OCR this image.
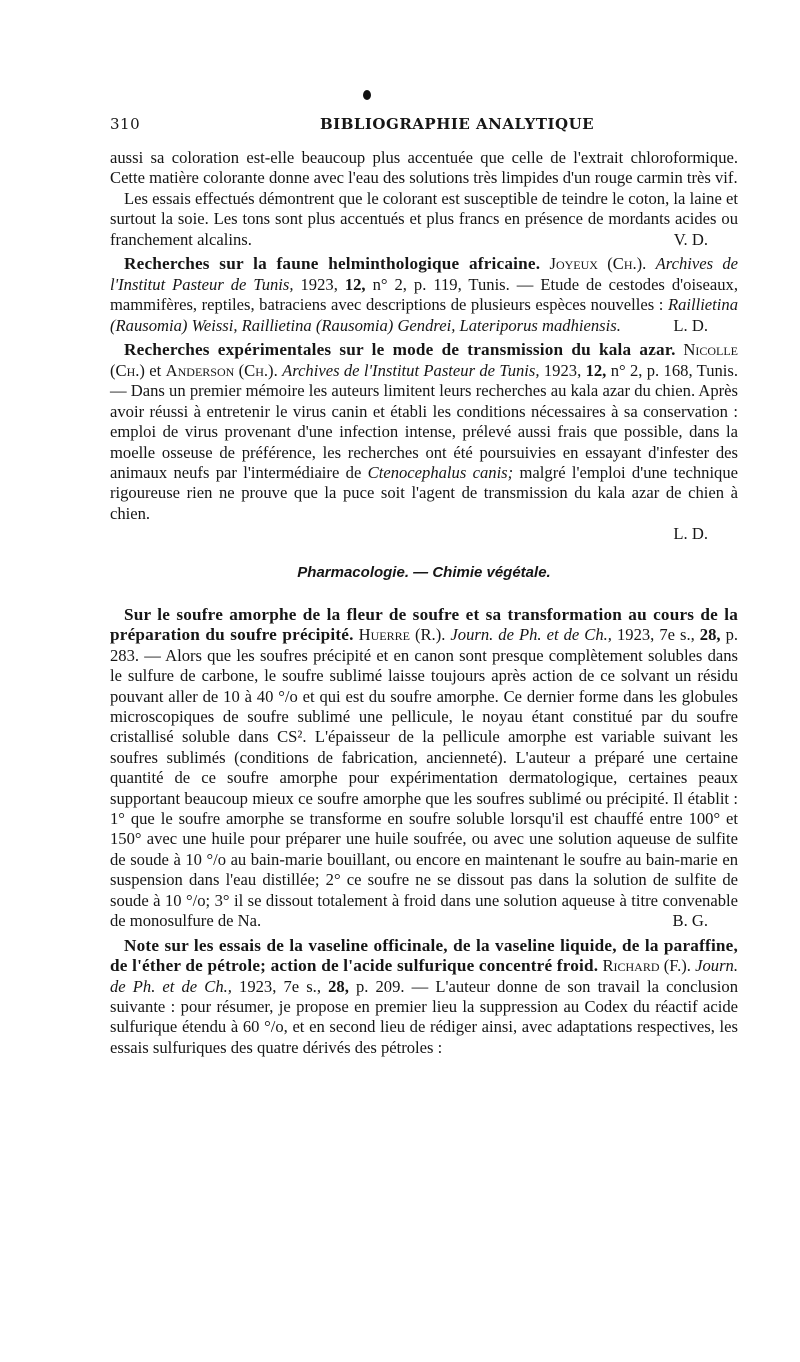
310	BIBLIOGRAPHIE ANALYTIQUE

aussi sa coloration est-elle beaucoup plus accentuée que celle de l'extrait chloroformique. Cette matière colorante donne avec l'eau des solutions très limpides d'un rouge carmin très vif.

Les essais effectués démontrent que le colorant est susceptible de teindre le coton, la laine et surtout la soie. Les tons sont plus accentués et plus francs en présence de mordants acides ou franchement alcalins.	V. D.

Recherches sur la faune helminthologique africaine. Joyeux (Ch.). Archives de l'Institut Pasteur de Tunis, 1923, 12, n° 2, p. 119, Tunis. — Etude de cestodes d'oiseaux, mammifères, reptiles, batraciens avec descriptions de plusieurs espèces nouvelles : Raillietina (Rausomia) Weissi, Raillietina (Rausomia) Gendrei, Lateriporus madhiensis.	L. D.

Recherches expérimentales sur le mode de transmission du kala azar. Nicolle (Ch.) et Anderson (Ch.). Archives de l'Institut Pasteur de Tunis, 1923, 12, n° 2, p. 168, Tunis. — Dans un premier mémoire les auteurs limitent leurs recherches au kala azar du chien. Après avoir réussi à entretenir le virus canin et établi les conditions nécessaires à sa conservation : emploi de virus provenant d'une infection intense, prélevé aussi frais que possible, dans la moelle osseuse de préférence, les recherches ont été poursuivies en essayant d'infester des animaux neufs par l'intermédiaire de Ctenocephalus canis; malgré l'emploi d'une technique rigoureuse rien ne prouve que la puce soit l'agent de transmission du kala azar de chien à chien.

L. D.

Pharmacologie. — Chimie végétale.

Sur le soufre amorphe de la fleur de soufre et sa transformation au cours de la préparation du soufre précipité. Huerre (R.). Journ. de Ph. et de Ch., 1923, 7e s., 28, p. 283. — Alors que les soufres précipité et en canon sont presque complètement solubles dans le sulfure de carbone, le soufre sublimé laisse toujours après action de ce solvant un résidu pouvant aller de 10 à 40 °/o et qui est du soufre amorphe. Ce dernier forme dans les globules microscopiques de soufre sublimé une pellicule, le noyau étant constitué par du soufre cristallisé soluble dans CS². L'épaisseur de la pellicule amorphe est variable suivant les soufres sublimés (conditions de fabrication, ancienneté). L'auteur a préparé une certaine quantité de ce soufre amorphe pour expérimentation dermatologique, certaines peaux supportant beaucoup mieux ce soufre amorphe que les soufres sublimé ou précipité. Il établit : 1° que le soufre amorphe se transforme en soufre soluble lorsqu'il est chauffé entre 100° et 150° avec une huile pour préparer une huile soufrée, ou avec une solution aqueuse de sulfite de soude à 10 °/o au bain-marie bouillant, ou encore en maintenant le soufre au bain-marie en suspension dans l'eau distillée; 2° ce soufre ne se dissout pas dans la solution de sulfite de soude à 10 °/o; 3° il se dissout totalement à froid dans une solution aqueuse à titre convenable de monosulfure de Na.	B. G.

Note sur les essais de la vaseline officinale, de la vaseline liquide, de la paraffine, de l'éther de pétrole; action de l'acide sulfurique concentré froid. Richard (F.). Journ. de Ph. et de Ch., 1923, 7e s., 28, p. 209. — L'auteur donne de son travail la conclusion suivante : pour résumer, je propose en premier lieu la suppression au Codex du réactif acide sulfurique étendu à 60 °/o, et en second lieu de rédiger ainsi, avec adaptations respectives, les essais sulfuriques des quatre dérivés des pétroles :
